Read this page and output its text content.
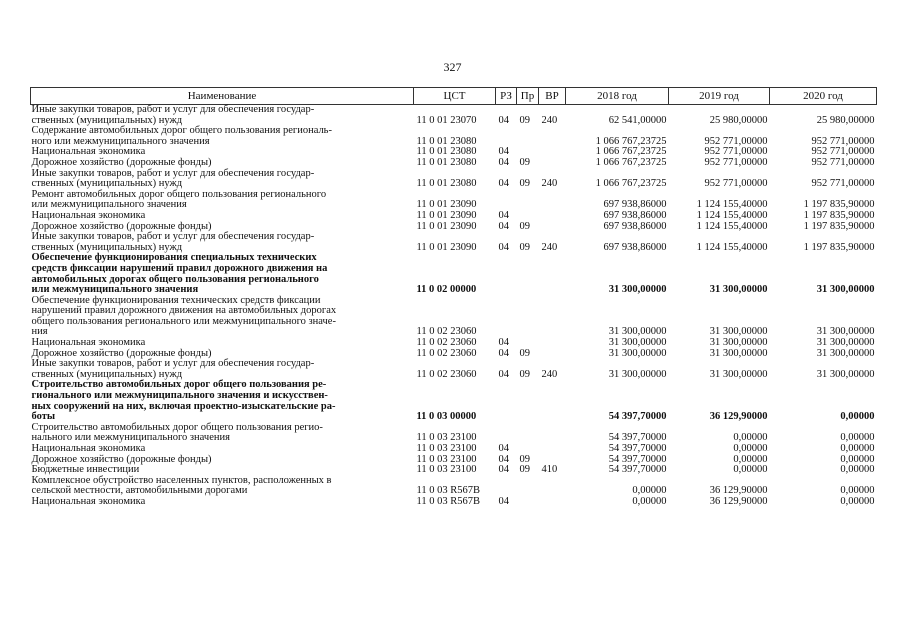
327
Наименование	ЦСТ	РЗ	Пр	ВР	2018 год	2019 год	2020 год
Иные закупки товаров, работ и услуг для обеспечения государ-
ственных (муниципальных) нужд	11 0 01 23070	04	09	240	62 541,00000	25 980,00000	25 980,00000
Содержание автомобильных дорог общего пользования региональ-
ного или межмуниципального значения	11 0 01 23080				1 066 767,23725	952 771,00000	952 771,00000
Национальная экономика	11 0 01 23080	04			1 066 767,23725	952 771,00000	952 771,00000
Дорожное хозяйство (дорожные фонды)	11 0 01 23080	04	09		1 066 767,23725	952 771,00000	952 771,00000
Иные закупки товаров, работ и услуг для обеспечения государ-
ственных (муниципальных) нужд	11 0 01 23080	04	09	240	1 066 767,23725	952 771,00000	952 771,00000
Ремонт автомобильных дорог общего пользования регионального
или межмуниципального значения	11 0 01 23090				697 938,86000	1 124 155,40000	1 197 835,90000
Национальная экономика	11 0 01 23090	04			697 938,86000	1 124 155,40000	1 197 835,90000
Дорожное хозяйство (дорожные фонды)	11 0 01 23090	04	09		697 938,86000	1 124 155,40000	1 197 835,90000
Иные закупки товаров, работ и услуг для обеспечения государ-
ственных (муниципальных) нужд	11 0 01 23090	04	09	240	697 938,86000	1 124 155,40000	1 197 835,90000
Обеспечение функционирования специальных технических
средств фиксации нарушений правил дорожного движения на
автомобильных дорогах общего пользования регионального
или межмуниципального значения	11 0 02 00000				31 300,00000	31 300,00000	31 300,00000
Обеспечение функционирования технических средств фиксации
нарушений правил дорожного движения на автомобильных дорогах
общего пользования регионального или межмуниципального значе-
ния	11 0 02 23060				31 300,00000	31 300,00000	31 300,00000
Национальная экономика	11 0 02 23060	04			31 300,00000	31 300,00000	31 300,00000
Дорожное хозяйство (дорожные фонды)	11 0 02 23060	04	09		31 300,00000	31 300,00000	31 300,00000
Иные закупки товаров, работ и услуг для обеспечения государ-
ственных (муниципальных) нужд	11 0 02 23060	04	09	240	31 300,00000	31 300,00000	31 300,00000
Строительство автомобильных дорог общего пользования ре-
гионального или межмуниципального значения и искусствен-
ных сооружений на них, включая проектно-изыскательские ра-
боты	11 0 03 00000				54 397,70000	36 129,90000	0,00000
Строительство автомобильных дорог общего пользования регио-
нального или межмуниципального значения	11 0 03 23100				54 397,70000	0,00000	0,00000
Национальная экономика	11 0 03 23100	04			54 397,70000	0,00000	0,00000
Дорожное хозяйство (дорожные фонды)	11 0 03 23100	04	09		54 397,70000	0,00000	0,00000
Бюджетные инвестиции	11 0 03 23100	04	09	410	54 397,70000	0,00000	0,00000
Комплексное обустройство населенных пунктов, расположенных в
сельской местности, автомобильными дорогами	11 0 03 R567B				0,00000	36 129,90000	0,00000
Национальная экономика	11 0 03 R567B	04			0,00000	36 129,90000	0,00000
